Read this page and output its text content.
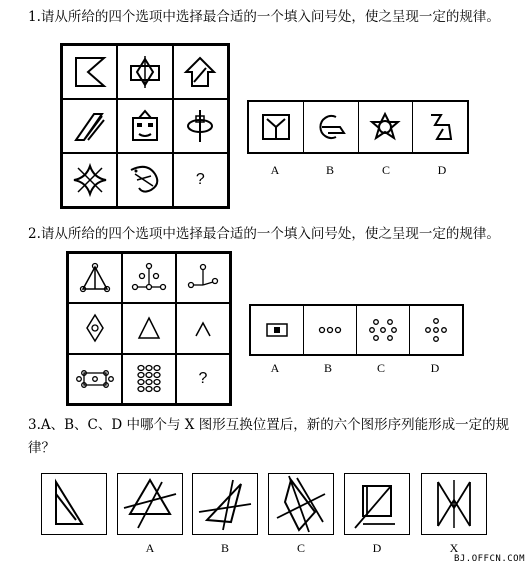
1.请从所给的四个选项中选择最合适的一个填入问号处，使之呈现一定的规律。
?
A	B	C	D
2.请从所给的四个选项中选择最合适的一个填入问号处，使之呈现一定的规律。
?
A	B	C	D
3.A、B、C、D 中哪个与 X 图形互换位置后，新的六个图形序列能形成一定的规律？
A	B	C	D	X
BJ.OFFCN.COM
